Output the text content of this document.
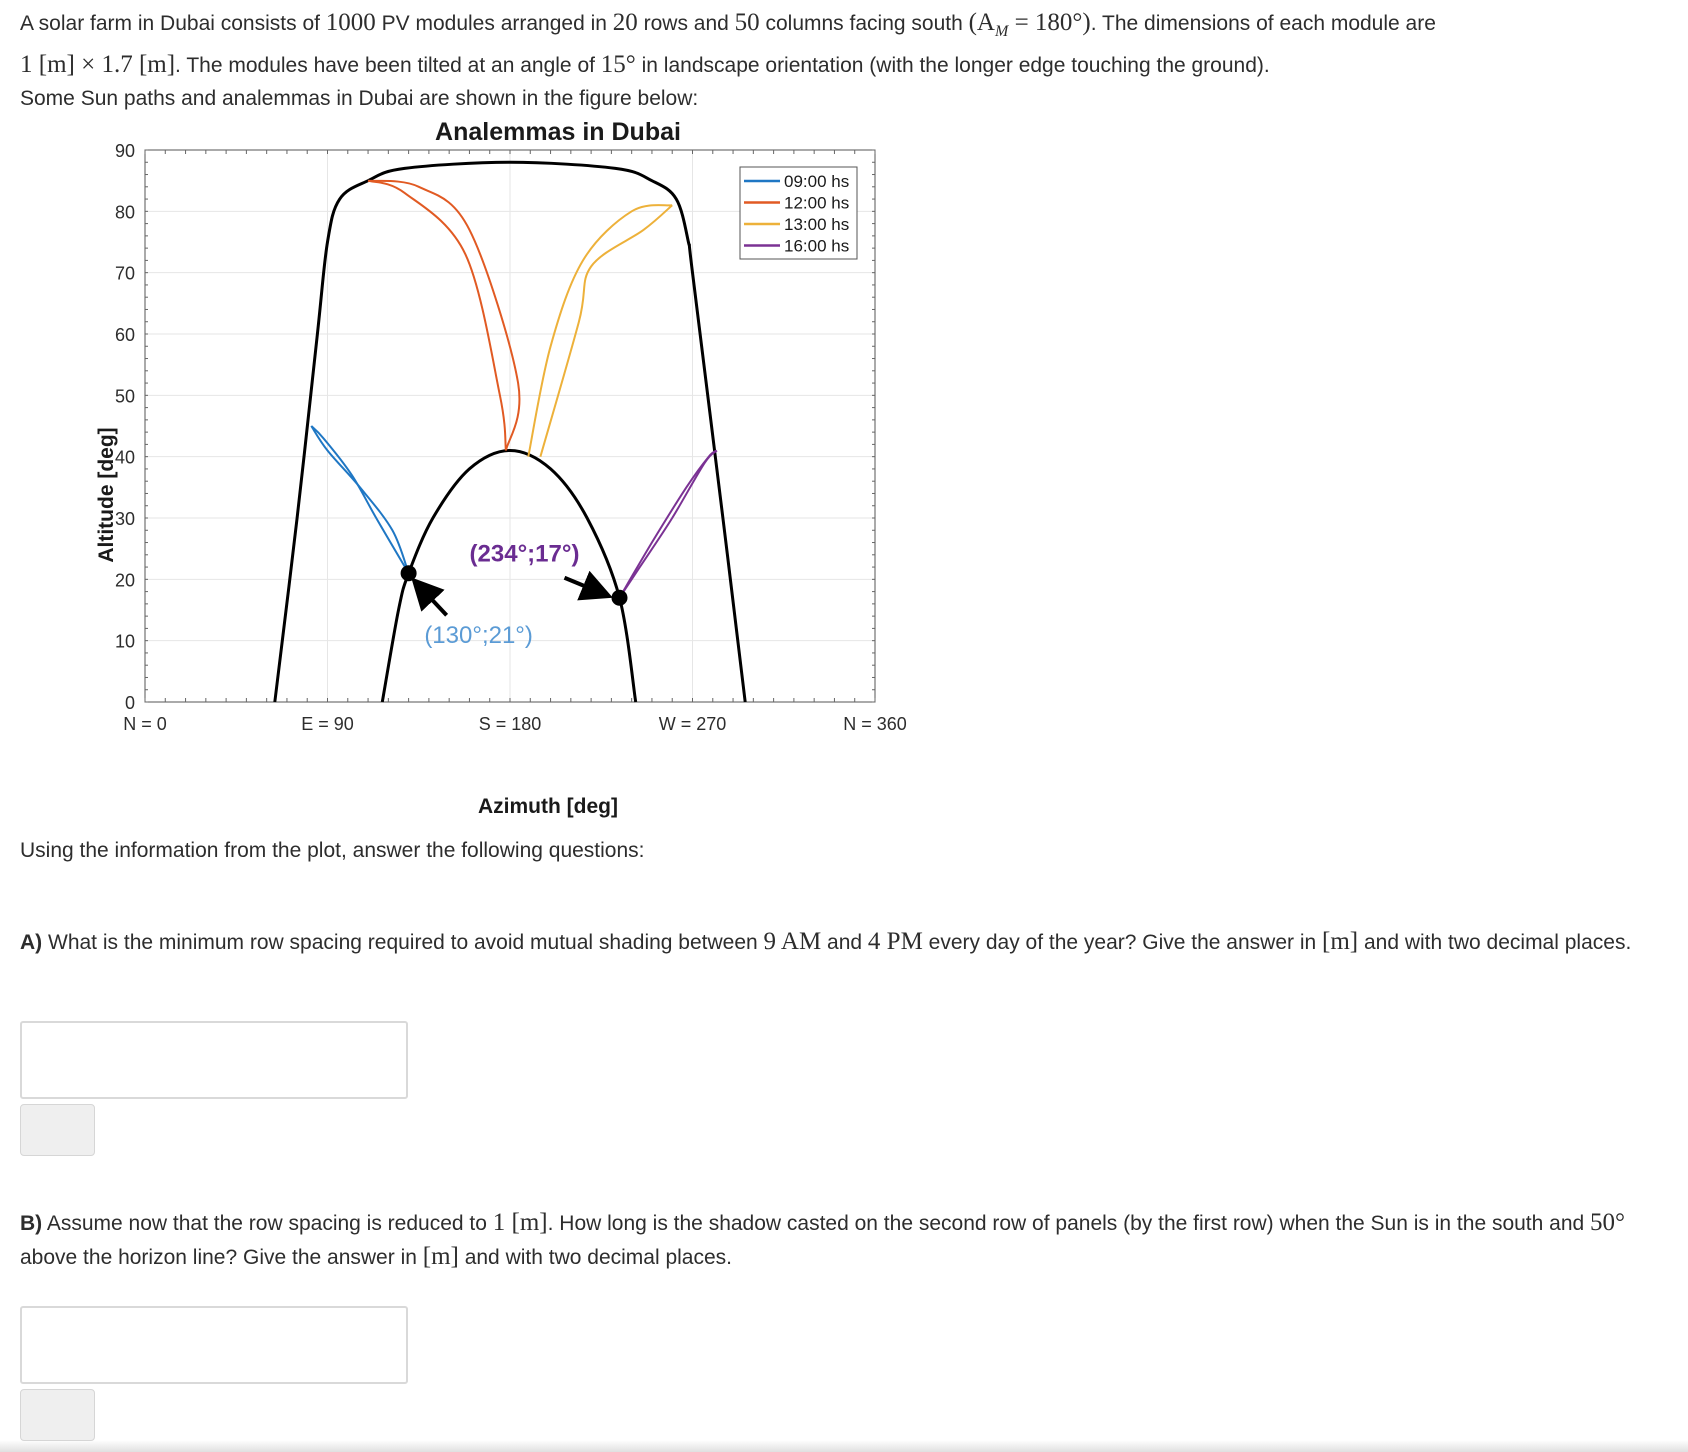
A solar farm in Dubai consists of 1000 PV modules arranged in 20 rows and 50 columns facing south $(A_M = 180^\circ)$. The dimensions of each module are

1 [m] × 1.7 [m]. The modules have been tilted at an angle of 15° in landscape orientation (with the longer edge touching the ground).

Some Sun paths and analemmas in Dubai are shown in the figure below:

Analemmas in Dubai
Altitude [deg]
Azimuth [deg]
0
10
20
30
40
50
60
70
80
90
N = 0	E = 90	S = 180	W = 270	N = 360
(130°;21°)
(234°;17°)
09:00 hs
12:00 hs
13:00 hs
16:00 hs

Using the information from the plot, answer the following questions:

A) What is the minimum row spacing required to avoid mutual shading between 9 AM and 4 PM every day of the year? Give the answer in [m] and with two decimal places.

B) Assume now that the row spacing is reduced to 1 [m]. How long is the shadow casted on the second row of panels (by the first row) when the Sun is in the south and 50° above the horizon line? Give the answer in [m] and with two decimal places.
